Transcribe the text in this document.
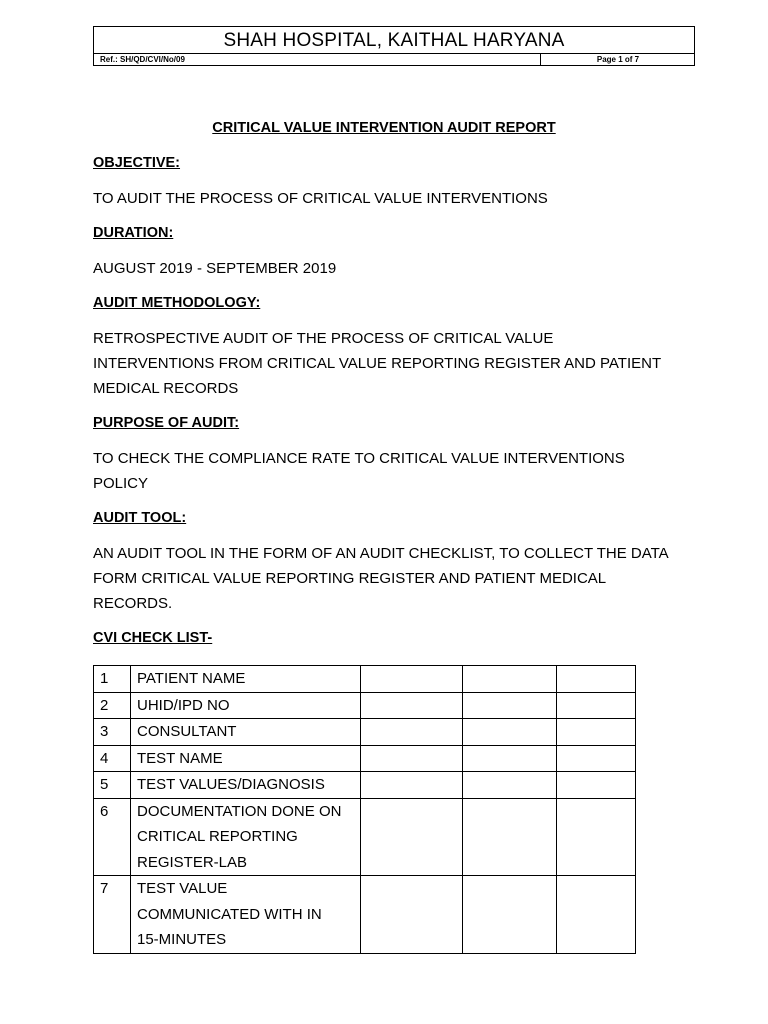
SHAH HOSPITAL, KAITHAL HARYANA
Ref.: SH/QD/CVI/No/09	Page 1 of 7
CRITICAL VALUE INTERVENTION AUDIT REPORT
OBJECTIVE:
TO AUDIT THE PROCESS OF CRITICAL VALUE INTERVENTIONS
DURATION:
AUGUST 2019 - SEPTEMBER 2019
AUDIT METHODOLOGY:
RETROSPECTIVE AUDIT OF THE PROCESS OF CRITICAL VALUE
INTERVENTIONS FROM CRITICAL VALUE REPORTING REGISTER AND PATIENT
MEDICAL RECORDS
PURPOSE OF AUDIT:
TO CHECK THE COMPLIANCE RATE TO CRITICAL VALUE INTERVENTIONS
POLICY
AUDIT TOOL:
AN AUDIT TOOL IN THE FORM OF AN AUDIT CHECKLIST, TO COLLECT THE DATA
FORM CRITICAL VALUE REPORTING REGISTER AND PATIENT MEDICAL
RECORDS.
CVI CHECK LIST-
1	PATIENT NAME			

2	UHID/IPD NO			

3	CONSULTANT			

4	TEST NAME			

5	TEST VALUES/DIAGNOSIS			

6	DOCUMENTATION DONE ON
CRITICAL REPORTING
REGISTER-LAB			

7	TEST VALUE
COMMUNICATED WITH IN
15-MINUTES			
